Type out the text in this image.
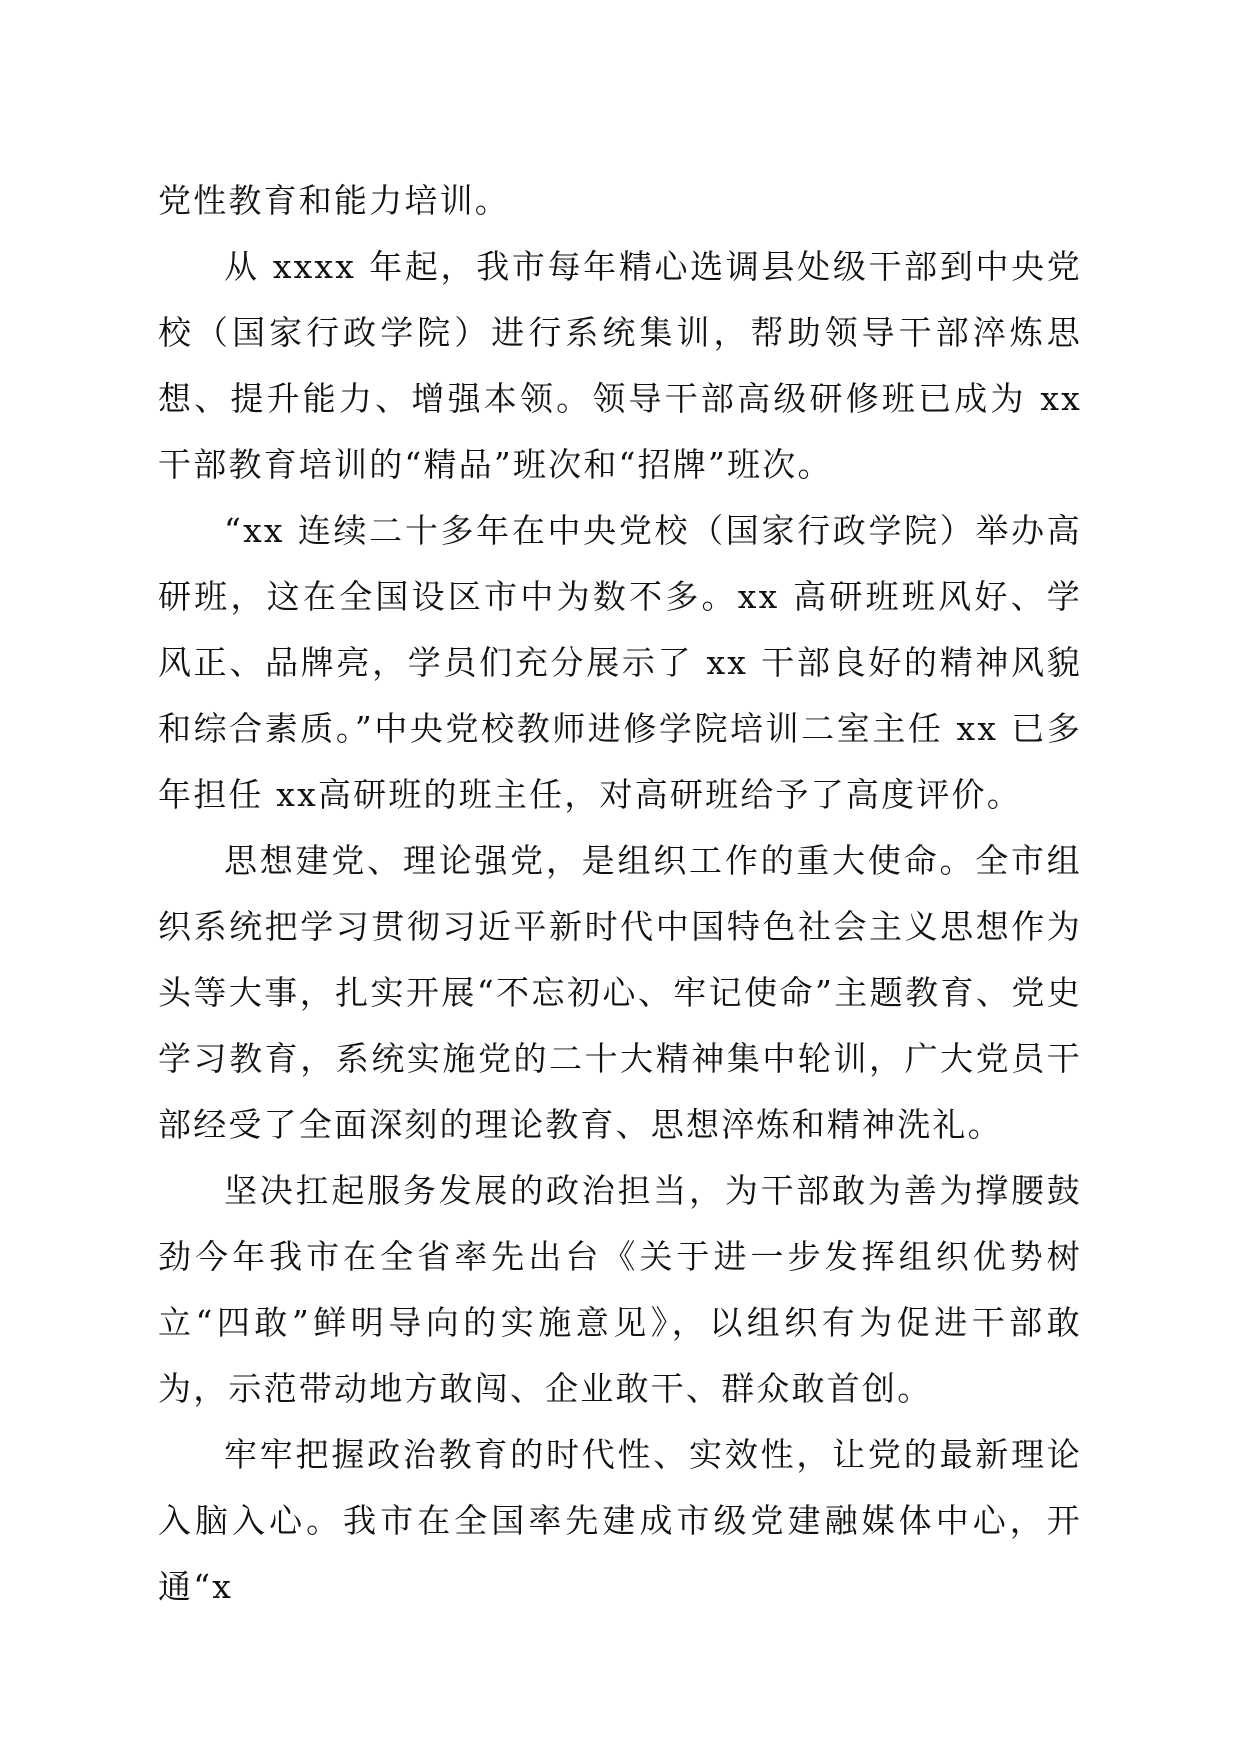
党性教育和能力培训。

从 xxxx 年起，我市每年精心选调县处级干部到中央党校（国家行政学院）进行系统集训，帮助领导干部淬炼思想、提升能力、增强本领。领导干部高级研修班已成为 xx 干部教育培训的“精品”班次和“招牌”班次。

“xx 连续二十多年在中央党校（国家行政学院）举办高研班，这在全国设区市中为数不多。xx 高研班班风好、学风正、品牌亮，学员们充分展示了 xx 干部良好的精神风貌和综合素质。”中央党校教师进修学院培训二室主任 xx 已多年担任 xx高研班的班主任，对高研班给予了高度评价。

思想建党、理论强党，是组织工作的重大使命。全市组织系统把学习贯彻习近平新时代中国特色社会主义思想作为头等大事，扎实开展“不忘初心、牢记使命”主题教育、党史学习教育，系统实施党的二十大精神集中轮训，广大党员干部经受了全面深刻的理论教育、思想淬炼和精神洗礼。

坚决扛起服务发展的政治担当，为干部敢为善为撑腰鼓劲今年我市在全省率先出台《关于进一步发挥组织优势树立“四敢”鲜明导向的实施意见》，以组织有为促进干部敢为，示范带动地方敢闯、企业敢干、群众敢首创。

牢牢把握政治教育的时代性、实效性，让党的最新理论入脑入心。我市在全国率先建成市级党建融媒体中心，开通“x
